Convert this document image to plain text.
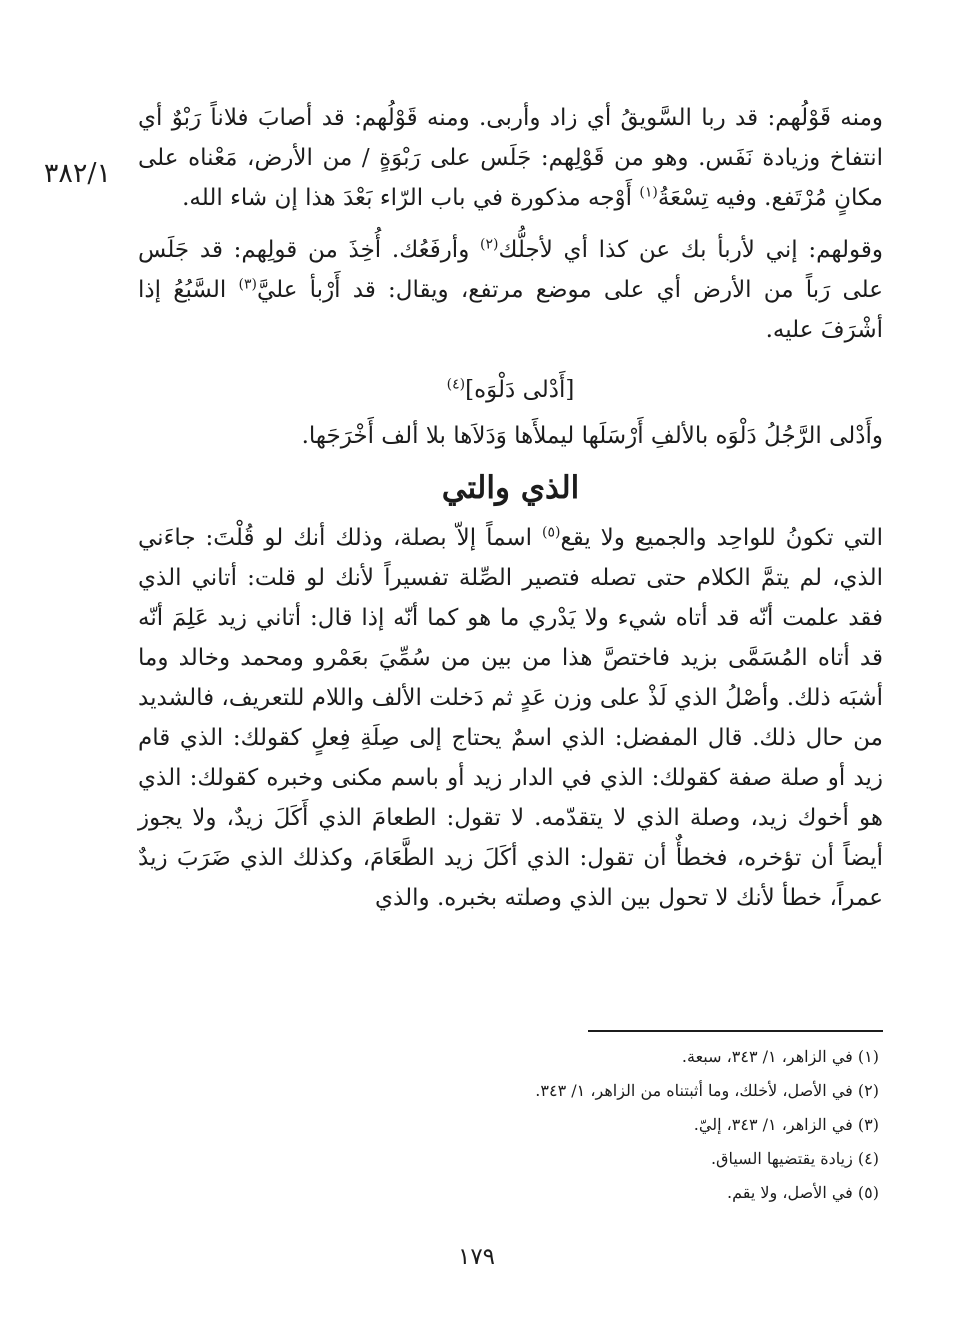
٣٨٢/١

ومنه قَوْلُهم: قد ربا السَّويقُ أي زاد وأربى. ومنه قَوْلُهم: قد أصابَ فلاناً رَبْوٌ أي انتفاخ وزيادة نَفَس. وهو من قَوْلِهم: جَلَس على رَبْوَةٍ / من الأرض، مَعْناه على مكانٍ مُرْتَفع. وفيه تِسْعَةُ$^{(١)}$ أَوْجه مذكورة في باب الرّاء بَعْدَ هذا إن شاء الله.

وقولهم: إني لأربأ بك عن كذا أي لأجلُّك$^{(٢)}$ وأرفَعُك. أُخِذَ من قولِهم: قد جَلَس على رَباً من الأرض أي على موضع مرتفع، ويقال: قد أَرْبأ عليَّ$^{(٣)}$ السَّبُعُ إذا أشْرَفَ عليه.

[أَدْلى دَلْوَه]$^{(٤)}$

وأَدْلى الرَّجُلُ دَلْوَه بالألفِ أَرْسَلَها ليملأَها وَدَلاَها بلا ألف أَخْرَجَها.

الذي والتي

التي تكونُ للواحِد والجميع ولا يقع$^{(٥)}$ اسماً إلاّ بصلة، وذلك أنك لو قُلْتَ: جاءَني الذي، لم يتمَّ الكلام حتى تصله فتصير الصِّلة تفسيراً لأنك لو قلت: أتاني الذي فقد علمت أنّه قد أتاه شيء ولا يَدْري ما هو كما أنّه إذا قال: أتاني زيد عَلِمَ أنّه قد أتاه المُسَمَّى بزيد فاختصَّ هذا من بين من سُمِّيَ بعَمْرو ومحمد وخالد وما أشبَه ذلك. وأصْلُ الذي لَذْ على وزن عَدٍ ثم دَخلت الألف واللام للتعريف، فالشديد من حال ذلك. قال المفضل: الذي اسمٌ يحتاج إلى صِلَةِ فِعلٍ كقولك: الذي قام زيد أو صلة صفة كقولك: الذي في الدار زيد أو باسم مكنى وخبره كقولك: الذي هو أخوك زيد، وصلة الذي لا يتقدّمه. لا تقول: الطعامَ الذي أَكَلَ زيدٌ، ولا يجوز أيضاً أن تؤخره، فخطأٌ أن تقول: الذي أكَلَ زيد الطَّعَامَ، وكذلك الذي ضَرَبَ زيدٌ عمراً، خطأ لأنك لا تحول بين الذي وصلته بخبره. والذي

(١) في الزاهر، ١/ ٣٤٣، سبعة.
(٢) في الأصل، لأخلك، وما أثبتناه من الزاهر، ١/ ٣٤٣.
(٣) في الزاهر، ١/ ٣٤٣، إليّ.
(٤) زيادة يقتضيها السياق.
(٥) في الأصل، ولا يقم.
١٧٩
